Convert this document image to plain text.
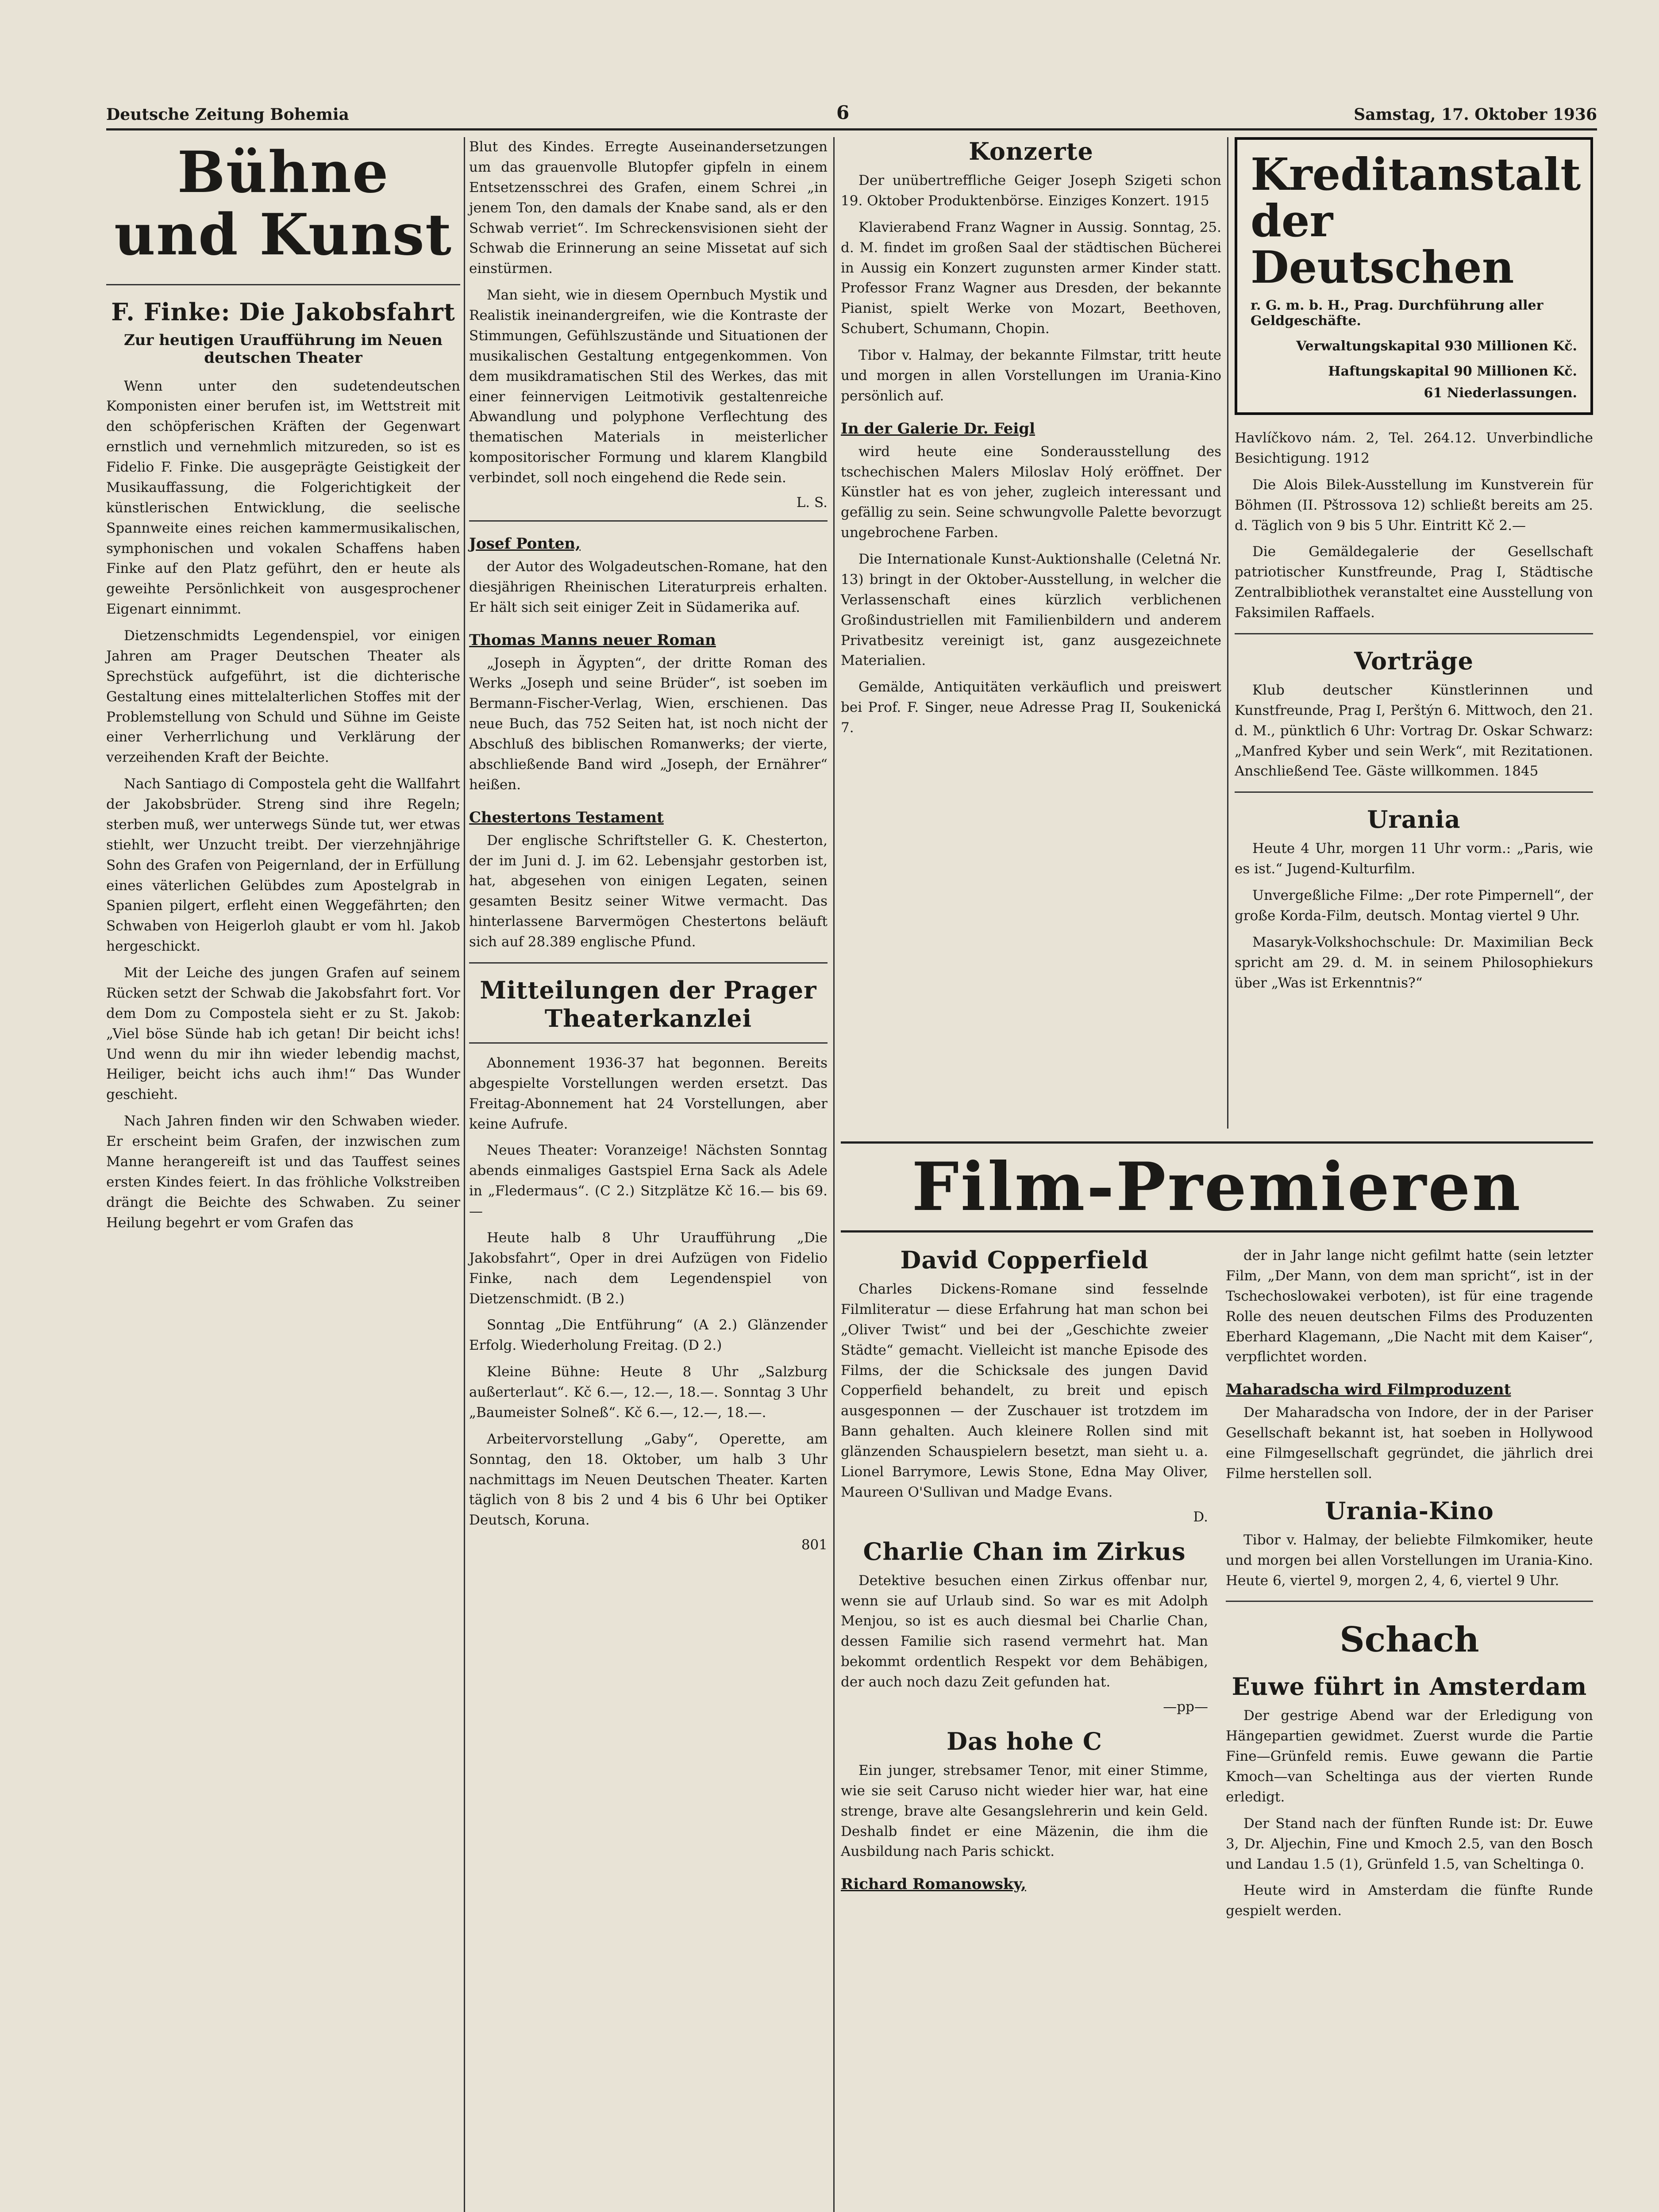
Deutsche Zeitung Bohemia	6	Samstag, 17. Oktober 1936
Bühne und Kunst
F. Finke: Die Jakobsfahrt
Zur heutigen Uraufführung im Neuen deutschen Theater

Wenn unter den sudetendeutschen Komponisten einer berufen ist, im Wettstreit mit den schöpferischen Kräften der Gegenwart ernstlich und vernehmlich mitzureden, so ist es Fidelio F. Finke. Die ausgeprägte Geistigkeit der Musikauffassung, die Folgerichtigkeit der künstlerischen Entwicklung, die seelische Spannweite eines reichen kammermusikalischen, symphonischen und vokalen Schaffens haben Finke auf den Platz geführt, den er heute als geweihte Persönlichkeit von ausgesprochener Eigenart einnimmt.

Dietzenschmidts Legendenspiel, vor einigen Jahren am Prager Deutschen Theater als Sprechstück aufgeführt, ist die dichterische Gestaltung eines mittelalterlichen Stoffes mit der Problemstellung von Schuld und Sühne im Geiste einer Verherrlichung und Verklärung der verzeihenden Kraft der Beichte.

Nach Santiago di Compostela geht die Wallfahrt der Jakobsbrüder. Streng sind ihre Regeln; sterben muß, wer unterwegs Sünde tut, wer etwas stiehlt, wer Unzucht treibt. Der vierzehnjährige Sohn des Grafen von Peigernland, der in Erfüllung eines väterlichen Gelübdes zum Apostelgrab in Spanien pilgert, erfleht einen Weggefährten; den Schwaben von Heigerloh glaubt er vom hl. Jakob hergeschickt.

Mit der Leiche des jungen Grafen auf seinem Rücken setzt der Schwab die Jakobsfahrt fort. Vor dem Dom zu Compostela sieht er zu St. Jakob: „Viel böse Sünde hab ich getan! Dir beicht ichs! Und wenn du mir ihn wieder lebendig machst, Heiliger, beicht ichs auch ihm!“ Das Wunder geschieht.

Nach Jahren finden wir den Schwaben wieder. Er erscheint beim Grafen, der inzwischen zum Manne herangereift ist und das Tauffest seines ersten Kindes feiert. In das fröhliche Volkstreiben drängt die Beichte des Schwaben. Zu seiner Heilung begehrt er vom Grafen das

Blut des Kindes. Erregte Auseinandersetzungen um das grauenvolle Blutopfer gipfeln in einem Entsetzensschrei des Grafen, einem Schrei „in jenem Ton, den damals der Knabe sand, als er den Schwab verriet“. Im Schreckensvisionen sieht der Schwab die Erinnerung an seine Missetat auf sich einstürmen.

Man sieht, wie in diesem Opernbuch Mystik und Realistik ineinandergreifen, wie die Kontraste der Stimmungen, Gefühlszustände und Situationen der musikalischen Gestaltung entgegenkommen. Von dem musikdramatischen Stil des Werkes, das mit einer feinnervigen Leitmotivik gestaltenreiche Abwandlung und polyphone Verflechtung des thematischen Materials in meisterlicher kompositorischer Formung und klarem Klangbild verbindet, soll noch eingehend die Rede sein.

L. S.
Josef Ponten,

der Autor des Wolgadeutschen-Romane, hat den diesjährigen Rheinischen Literaturpreis erhalten. Er hält sich seit einiger Zeit in Südamerika auf.

Thomas Manns neuer Roman

„Joseph in Ägypten“, der dritte Roman des Werks „Joseph und seine Brüder“, ist soeben im Bermann-Fischer-Verlag, Wien, erschienen. Das neue Buch, das 752 Seiten hat, ist noch nicht der Abschluß des biblischen Romanwerks; der vierte, abschließende Band wird „Joseph, der Ernährer“ heißen.

Chestertons Testament

Der englische Schriftsteller G. K. Chesterton, der im Juni d. J. im 62. Lebensjahr gestorben ist, hat, abgesehen von einigen Legaten, seinen gesamten Besitz seiner Witwe vermacht. Das hinterlassene Barvermögen Chestertons beläuft sich auf 28.389 englische Pfund.

Mitteilungen der Prager Theaterkanzlei

Abonnement 1936-37 hat begonnen. Bereits abgespielte Vorstellungen werden ersetzt. Das Freitag-Abonnement hat 24 Vorstellungen, aber keine Aufrufe.

Neues Theater: Voranzeige! Nächsten Sonntag abends einmaliges Gastspiel Erna Sack als Adele in „Fledermaus“. (C 2.) Sitzplätze Kč 16.— bis 69.—

Heute halb 8 Uhr Uraufführung „Die Jakobsfahrt“, Oper in drei Aufzügen von Fidelio Finke, nach dem Legendenspiel von Dietzenschmidt. (B 2.)

Sonntag „Die Entführung“ (A 2.) Glänzender Erfolg. Wiederholung Freitag. (D 2.)

Kleine Bühne: Heute 8 Uhr „Salzburg außerterlaut“. Kč 6.—, 12.—, 18.—. Sonntag 3 Uhr „Baumeister Solneß“. Kč 6.—, 12.—, 18.—.

Arbeitervorstellung „Gaby“, Operette, am Sonntag, den 18. Oktober, um halb 3 Uhr nachmittags im Neuen Deutschen Theater. Karten täglich von 8 bis 2 und 4 bis 6 Uhr bei Optiker Deutsch, Koruna.

801
Konzerte

Der unübertreffliche Geiger Joseph Szigeti schon 19. Oktober Produktenbörse. Einziges Konzert. 1915

Klavierabend Franz Wagner in Aussig. Sonntag, 25. d. M. findet im großen Saal der städtischen Bücherei in Aussig ein Konzert zugunsten armer Kinder statt. Professor Franz Wagner aus Dresden, der bekannte Pianist, spielt Werke von Mozart, Beethoven, Schubert, Schumann, Chopin.

Tibor v. Halmay, der bekannte Filmstar, tritt heute und morgen in allen Vorstellungen im Urania-Kino persönlich auf.

In der Galerie Dr. Feigl

wird heute eine Sonderausstellung des tschechischen Malers Miloslav Holý eröffnet. Der Künstler hat es von jeher, zugleich interessant und gefällig zu sein. Seine schwungvolle Palette bevorzugt ungebrochene Farben.

Die Internationale Kunst-Auktionshalle (Celetná Nr. 13) bringt in der Oktober-Ausstellung, in welcher die Verlassenschaft eines kürzlich verblichenen Großindustriellen mit Familienbildern und anderem Privatbesitz vereinigt ist, ganz ausgezeichnete Materialien.

Gemälde, Antiquitäten verkäuflich und preiswert bei Prof. F. Singer, neue Adresse Prag II, Soukenická 7.

Kreditanstalt der Deutschen
r. G. m. b. H., Prag. Durchführung aller Geldgeschäfte.
Verwaltungskapital 930 Millionen Kč.
Haftungskapital 90 Millionen Kč.
61 Niederlassungen.

Havlíčkovo nám. 2, Tel. 264.12. Unverbindliche Besichtigung. 1912

Die Alois Bilek-Ausstellung im Kunstverein für Böhmen (II. Pštrossova 12) schließt bereits am 25. d. Täglich von 9 bis 5 Uhr. Eintritt Kč 2.—

Die Gemäldegalerie der Gesellschaft patriotischer Kunstfreunde, Prag I, Städtische Zentralbibliothek veranstaltet eine Ausstellung von Faksimilen Raffaels.

Vorträge

Klub deutscher Künstlerinnen und Kunstfreunde, Prag I, Perštýn 6. Mittwoch, den 21. d. M., pünktlich 6 Uhr: Vortrag Dr. Oskar Schwarz: „Manfred Kyber und sein Werk“, mit Rezitationen. Anschließend Tee. Gäste willkommen. 1845

Urania

Heute 4 Uhr, morgen 11 Uhr vorm.: „Paris, wie es ist.“ Jugend-Kulturfilm.

Unvergeßliche Filme: „Der rote Pimpernell“, der große Korda-Film, deutsch. Montag viertel 9 Uhr.

Masaryk-Volkshochschule: Dr. Maximilian Beck spricht am 29. d. M. in seinem Philosophiekurs über „Was ist Erkenntnis?“

Film-Premieren
David Copperfield

Charles Dickens-Romane sind fesselnde Filmliteratur — diese Erfahrung hat man schon bei „Oliver Twist“ und bei der „Geschichte zweier Städte“ gemacht. Vielleicht ist manche Episode des Films, der die Schicksale des jungen David Copperfield behandelt, zu breit und episch ausgesponnen — der Zuschauer ist trotzdem im Bann gehalten. Auch kleinere Rollen sind mit glänzenden Schauspielern besetzt, man sieht u. a. Lionel Barrymore, Lewis Stone, Edna May Oliver, Maureen O'Sullivan und Madge Evans.

D.
Charlie Chan im Zirkus

Detektive besuchen einen Zirkus offenbar nur, wenn sie auf Urlaub sind. So war es mit Adolph Menjou, so ist es auch diesmal bei Charlie Chan, dessen Familie sich rasend vermehrt hat. Man bekommt ordentlich Respekt vor dem Behäbigen, der auch noch dazu Zeit gefunden hat.

—pp—
Das hohe C

Ein junger, strebsamer Tenor, mit einer Stimme, wie sie seit Caruso nicht wieder hier war, hat eine strenge, brave alte Gesangslehrerin und kein Geld. Deshalb findet er eine Mäzenin, die ihm die Ausbildung nach Paris schickt.

Richard Romanowsky,

der in Jahr lange nicht gefilmt hatte (sein letzter Film, „Der Mann, von dem man spricht“, ist in der Tschechoslowakei verboten), ist für eine tragende Rolle des neuen deutschen Films des Produzenten Eberhard Klagemann, „Die Nacht mit dem Kaiser“, verpflichtet worden.

Maharadscha wird Filmproduzent

Der Maharadscha von Indore, der in der Pariser Gesellschaft bekannt ist, hat soeben in Hollywood eine Filmgesellschaft gegründet, die jährlich drei Filme herstellen soll.

Urania-Kino

Tibor v. Halmay, der beliebte Filmkomiker, heute und morgen bei allen Vorstellungen im Urania-Kino. Heute 6, viertel 9, morgen 2, 4, 6, viertel 9 Uhr.

Schach
Euwe führt in Amsterdam

Der gestrige Abend war der Erledigung von Hängepartien gewidmet. Zuerst wurde die Partie Fine—Grünfeld remis. Euwe gewann die Partie Kmoch—van Scheltinga aus der vierten Runde erledigt.

Der Stand nach der fünften Runde ist: Dr. Euwe 3, Dr. Aljechin, Fine und Kmoch 2.5, van den Bosch und Landau 1.5 (1), Grünfeld 1.5, van Scheltinga 0.

Heute wird in Amsterdam die fünfte Runde gespielt werden.
